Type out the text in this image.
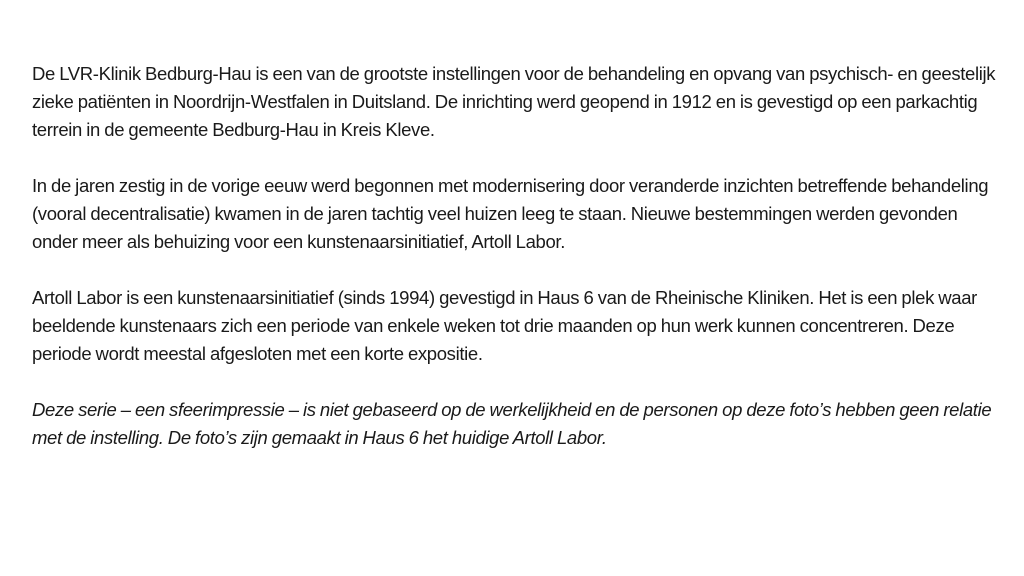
De LVR-Klinik Bedburg-Hau is een van de grootste instellingen voor de behandeling en opvang van psychisch- en geestelijk zieke patiënten in Noordrijn-Westfalen in Duitsland. De inrichting werd geopend in 1912 en is gevestigd op een parkachtig terrein in de gemeente Bedburg-Hau in Kreis Kleve.

In de jaren zestig in de vorige eeuw werd begonnen met modernisering door veranderde inzichten betreffende behandeling (vooral decentralisatie) kwamen in de jaren tachtig veel huizen leeg te staan. Nieuwe bestemmingen werden gevonden onder meer als behuizing voor een kunstenaarsinitiatief, Artoll Labor.

Artoll Labor is een kunstenaarsinitiatief (sinds 1994) gevestigd in Haus 6 van de Rheinische Kliniken. Het is een plek waar beeldende kunstenaars zich een periode van enkele weken tot drie maanden op hun werk kunnen concentreren. Deze periode wordt meestal afgesloten met een korte expositie.

Deze serie – een sfeerimpressie – is niet gebaseerd op de werkelijkheid en de personen op deze foto’s hebben geen relatie met de instelling. De foto’s zijn gemaakt in Haus 6 het huidige Artoll Labor.
